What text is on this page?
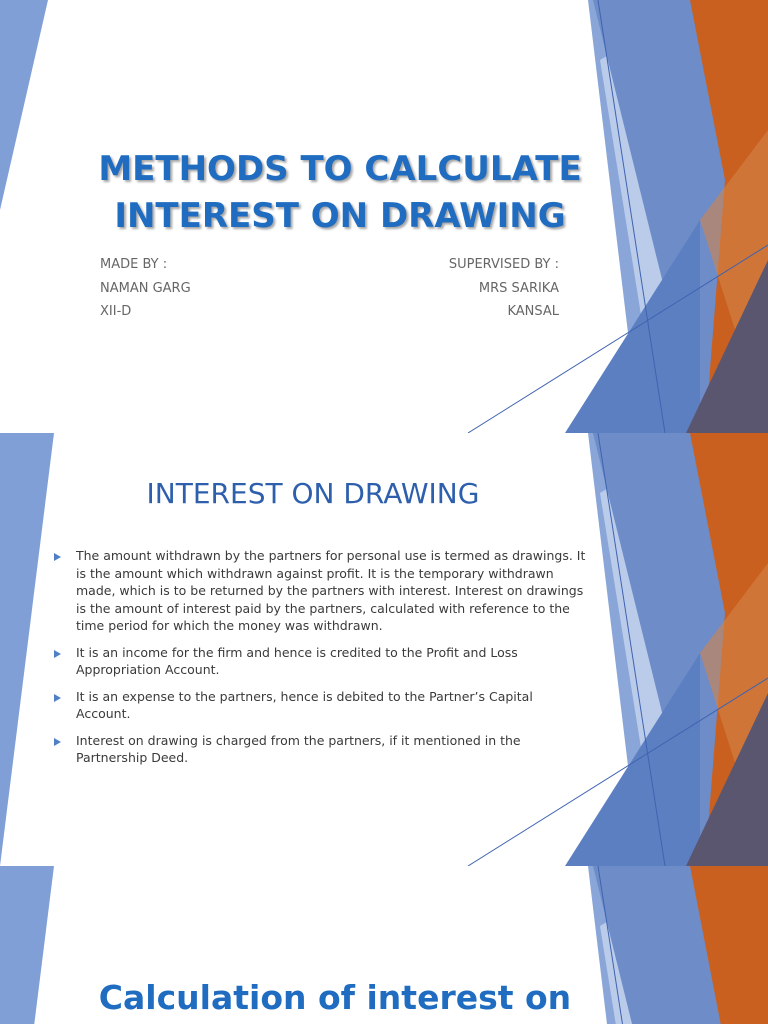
METHODS TO CALCULATE
INTEREST ON DRAWING
MADE BY :
NAMAN GARG
XII-D
SUPERVISED BY :
MRS SARIKA KANSAL
INTEREST ON DRAWING
The amount withdrawn by the partners for personal use is termed as drawings. It is the amount which withdrawn against profit. It is the temporary withdrawn made, which is to be returned by the partners with interest. Interest on drawings is the amount of interest paid by the partners, calculated with reference to the time period for which the money was withdrawn.
It is an income for the firm and hence is credited to the Profit and Loss Appropriation Account.
It is an expense to the partners, hence is debited to the Partner’s Capital Account.
Interest on drawing is charged from the partners, if it mentioned in the Partnership Deed.
Calculation of interest on
